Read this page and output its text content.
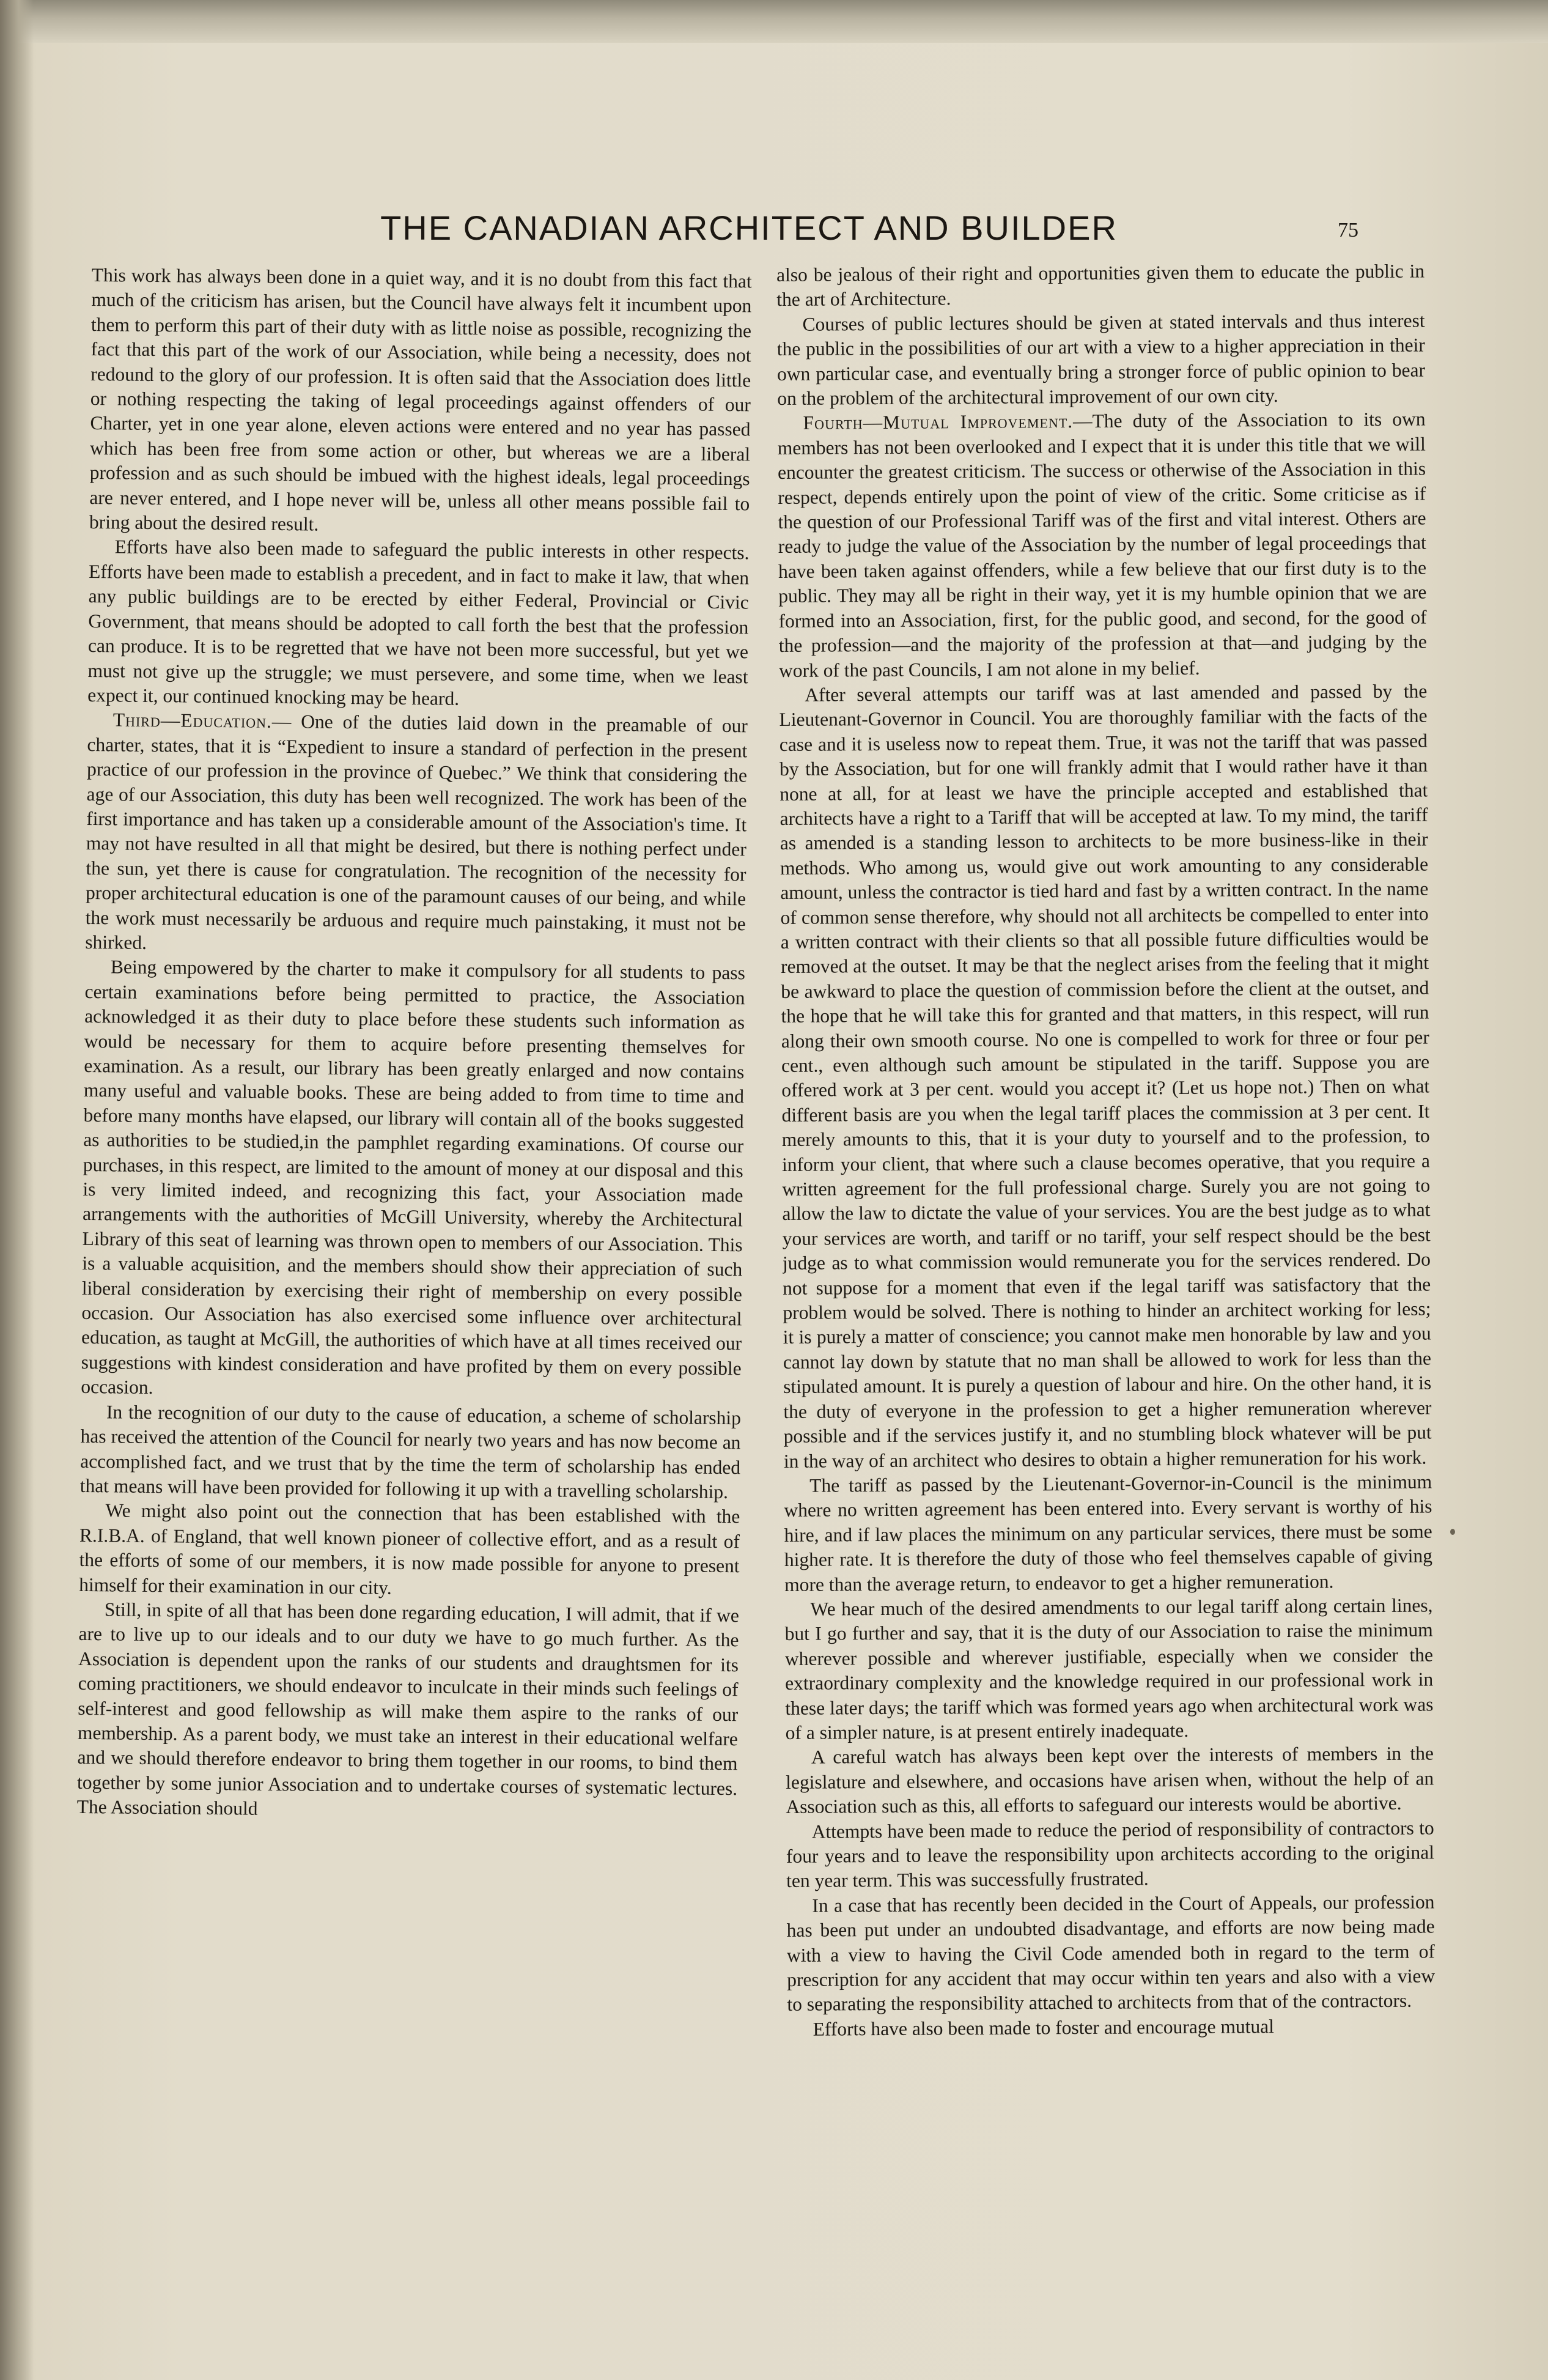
THE CANADIAN ARCHITECT AND BUILDER	75

This work has always been done in a quiet way, and it is no doubt from this fact that much of the criticism has arisen, but the Council have always felt it incumbent upon them to perform this part of their duty with as little noise as possible, recognizing the fact that this part of the work of our Association, while being a necessity, does not redound to the glory of our profession. It is often said that the Association does little or nothing respecting the taking of legal proceedings against offenders of our Charter, yet in one year alone, eleven actions were entered and no year has passed which has been free from some action or other, but whereas we are a liberal profession and as such should be imbued with the highest ideals, legal proceedings are never entered, and I hope never will be, unless all other means possible fail to bring about the desired result.

Efforts have also been made to safeguard the public interests in other respects. Efforts have been made to establish a precedent, and in fact to make it law, that when any public buildings are to be erected by either Federal, Provincial or Civic Government, that means should be adopted to call forth the best that the profession can produce. It is to be regretted that we have not been more successful, but yet we must not give up the struggle; we must persevere, and some time, when we least expect it, our continued knocking may be heard.

Third—Education.— One of the duties laid down in the preamable of our charter, states, that it is “Expedient to insure a standard of perfection in the present practice of our profession in the province of Quebec.” We think that considering the age of our Association, this duty has been well recognized. The work has been of the first importance and has taken up a considerable amount of the Association's time. It may not have resulted in all that might be desired, but there is nothing perfect under the sun, yet there is cause for congratulation. The recognition of the necessity for proper architectural education is one of the paramount causes of our being, and while the work must necessarily be arduous and require much painstaking, it must not be shirked.

Being empowered by the charter to make it compulsory for all students to pass certain examinations before being permitted to practice, the Association acknowledged it as their duty to place before these students such information as would be necessary for them to acquire before presenting themselves for examination. As a result, our library has been greatly enlarged and now contains many useful and valuable books. These are being added to from time to time and before many months have elapsed, our library will contain all of the books suggested as authorities to be studied,in the pamphlet regarding examinations. Of course our purchases, in this respect, are limited to the amount of money at our disposal and this is very limited indeed, and recognizing this fact, your Association made arrangements with the authorities of McGill University, whereby the Architectural Library of this seat of learning was thrown open to members of our Association. This is a valuable acquisition, and the members should show their appreciation of such liberal consideration by exercising their right of membership on every possible occasion. Our Association has also exercised some influence over architectural education, as taught at McGill, the authorities of which have at all times received our suggestions with kindest consideration and have profited by them on every possible occasion.

In the recognition of our duty to the cause of education, a scheme of scholarship has received the attention of the Council for nearly two years and has now become an accomplished fact, and we trust that by the time the term of scholarship has ended that means will have been provided for following it up with a travelling scholarship.

We might also point out the connection that has been established with the R.I.B.A. of England, that well known pioneer of collective effort, and as a result of the efforts of some of our members, it is now made possible for anyone to present himself for their examination in our city.

Still, in spite of all that has been done regarding education, I will admit, that if we are to live up to our ideals and to our duty we have to go much further. As the Association is dependent upon the ranks of our students and draughtsmen for its coming practitioners, we should endeavor to inculcate in their minds such feelings of self-interest and good fellowship as will make them aspire to the ranks of our membership. As a parent body, we must take an interest in their educational welfare and we should therefore endeavor to bring them together in our rooms, to bind them together by some junior Association and to undertake courses of systematic lectures. The Association should

also be jealous of their right and opportunities given them to educate the public in the art of Architecture.

Courses of public lectures should be given at stated intervals and thus interest the public in the possibilities of our art with a view to a higher appreciation in their own particular case, and eventually bring a stronger force of public opinion to bear on the problem of the architectural improvement of our own city.

Fourth—Mutual Improvement.—The duty of the Association to its own members has not been overlooked and I expect that it is under this title that we will encounter the greatest criticism. The success or otherwise of the Association in this respect, depends entirely upon the point of view of the critic. Some criticise as if the question of our Professional Tariff was of the first and vital interest. Others are ready to judge the value of the Association by the number of legal proceedings that have been taken against offenders, while a few believe that our first duty is to the public. They may all be right in their way, yet it is my humble opinion that we are formed into an Association, first, for the public good, and second, for the good of the profession—and the majority of the profession at that—and judging by the work of the past Councils, I am not alone in my belief.

After several attempts our tariff was at last amended and passed by the Lieutenant-Governor in Council. You are thoroughly familiar with the facts of the case and it is useless now to repeat them. True, it was not the tariff that was passed by the Association, but for one will frankly admit that I would rather have it than none at all, for at least we have the principle accepted and established that architects have a right to a Tariff that will be accepted at law. To my mind, the tariff as amended is a standing lesson to architects to be more business-like in their methods. Who among us, would give out work amounting to any considerable amount, unless the contractor is tied hard and fast by a written contract. In the name of common sense therefore, why should not all architects be compelled to enter into a written contract with their clients so that all possible future difficulties would be removed at the outset. It may be that the neglect arises from the feeling that it might be awkward to place the question of commission before the client at the outset, and the hope that he will take this for granted and that matters, in this respect, will run along their own smooth course. No one is compelled to work for three or four per cent., even although such amount be stipulated in the tariff. Suppose you are offered work at 3 per cent. would you accept it? (Let us hope not.) Then on what different basis are you when the legal tariff places the commission at 3 per cent. It merely amounts to this, that it is your duty to yourself and to the profession, to inform your client, that where such a clause becomes operative, that you require a written agreement for the full professional charge. Surely you are not going to allow the law to dictate the value of your services. You are the best judge as to what your services are worth, and tariff or no tariff, your self respect should be the best judge as to what commission would remunerate you for the services rendered. Do not suppose for a moment that even if the legal tariff was satisfactory that the problem would be solved. There is nothing to hinder an architect working for less; it is purely a matter of conscience; you cannot make men honorable by law and you cannot lay down by statute that no man shall be allowed to work for less than the stipulated amount. It is purely a question of labour and hire. On the other hand, it is the duty of everyone in the profession to get a higher remuneration wherever possible and if the services justify it, and no stumbling block whatever will be put in the way of an architect who desires to obtain a higher remuneration for his work.

The tariff as passed by the Lieutenant-Governor-in-Council is the minimum where no written agreement has been entered into. Every servant is worthy of his hire, and if law places the minimum on any particular services, there must be some higher rate. It is therefore the duty of those who feel themselves capable of giving more than the average return, to endeavor to get a higher remuneration.

We hear much of the desired amendments to our legal tariff along certain lines, but I go further and say, that it is the duty of our Association to raise the minimum wherever possible and wherever justifiable, especially when we consider the extraordinary complexity and the knowledge required in our professional work in these later days; the tariff which was formed years ago when architectural work was of a simpler nature, is at present entirely inadequate.

A careful watch has always been kept over the interests of members in the legislature and elsewhere, and occasions have arisen when, without the help of an Association such as this, all efforts to safeguard our interests would be abortive.

Attempts have been made to reduce the period of responsibility of contractors to four years and to leave the responsibility upon architects according to the original ten year term. This was successfully frustrated.

In a case that has recently been decided in the Court of Appeals, our profession has been put under an undoubted disadvantage, and efforts are now being made with a view to having the Civil Code amended both in regard to the term of prescription for any accident that may occur within ten years and also with a view to separating the responsibility attached to architects from that of the contractors.

Efforts have also been made to foster and encourage mutual
